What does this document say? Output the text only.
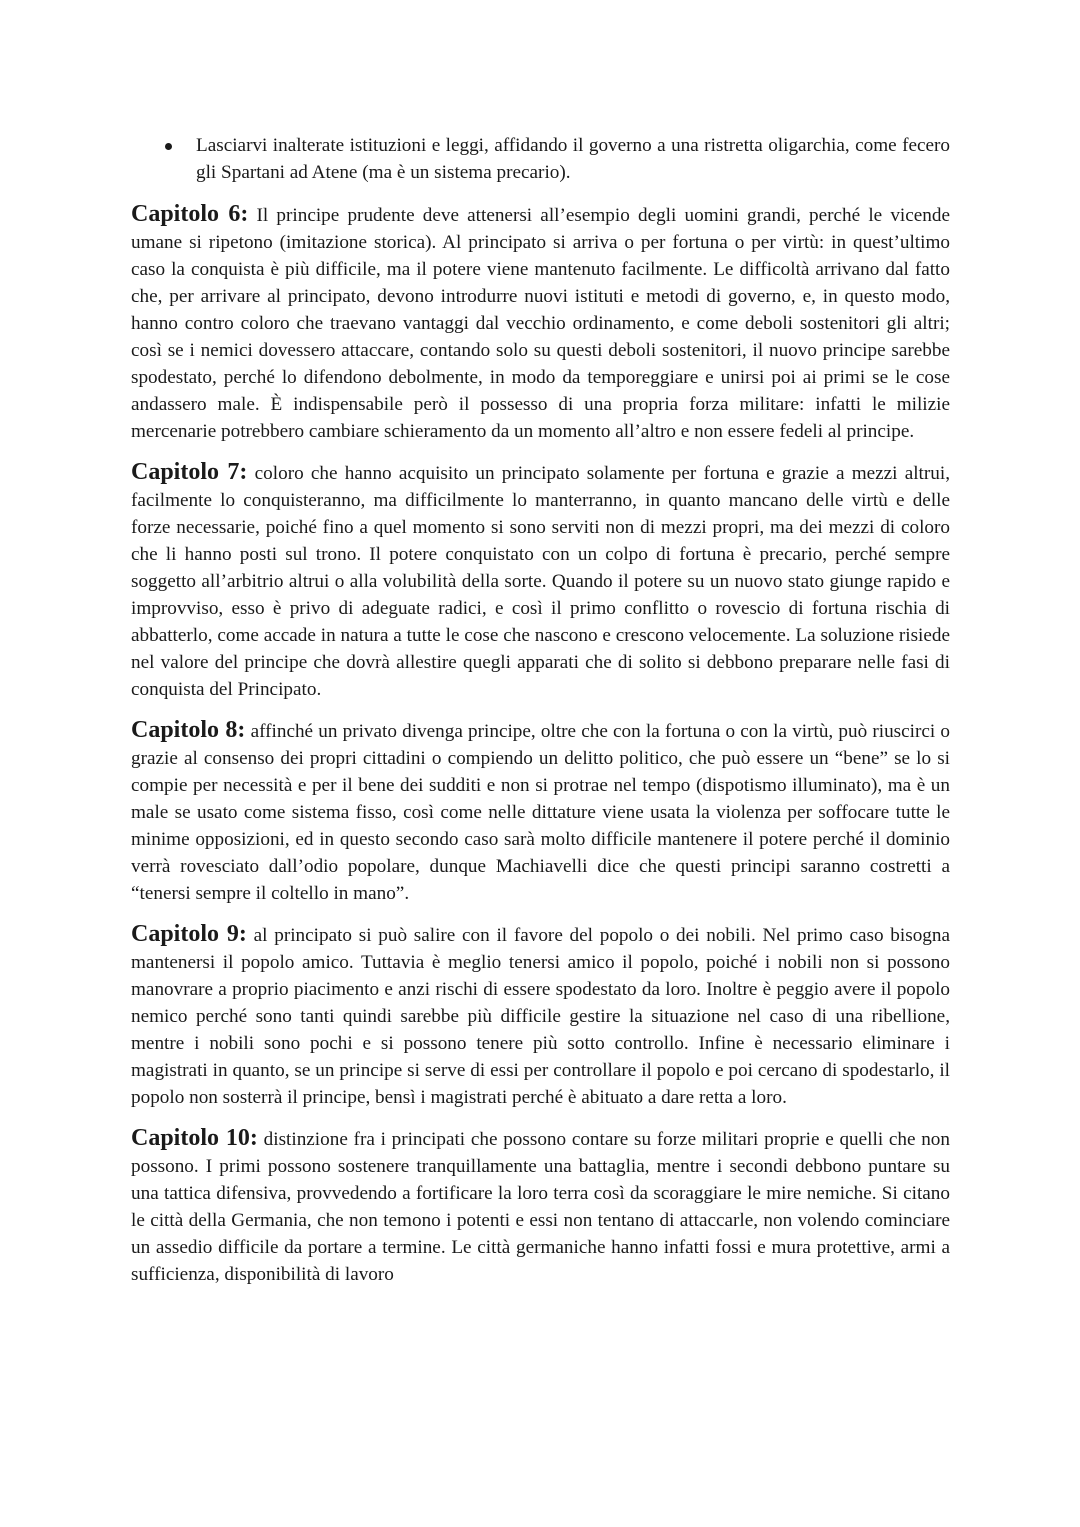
Lasciarvi inalterate istituzioni e leggi, affidando il governo a una ristretta oligarchia, come fecero gli Spartani ad Atene (ma è un sistema precario).

Capitolo 6: Il principe prudente deve attenersi all’esempio degli uomini grandi, perché le vicende umane si ripetono (imitazione storica). Al principato si arriva o per fortuna o per virtù: in quest’ultimo caso la conquista è più difficile, ma il potere viene mantenuto facilmente. Le difficoltà arrivano dal fatto che, per arrivare al principato, devono introdurre nuovi istituti e metodi di governo, e, in questo modo, hanno contro coloro che traevano vantaggi dal vecchio ordinamento, e come deboli sostenitori gli altri; così se i nemici dovessero attaccare, contando solo su questi deboli sostenitori, il nuovo principe sarebbe spodestato, perché lo difendono debolmente, in modo da temporeggiare e unirsi poi ai primi se le cose andassero male. È indispensabile però il possesso di una propria forza militare: infatti le milizie mercenarie potrebbero cambiare schieramento da un momento all’altro e non essere fedeli al principe.

Capitolo 7: coloro che hanno acquisito un principato solamente per fortuna e grazie a mezzi altrui, facilmente lo conquisteranno, ma difficilmente lo manterranno, in quanto mancano delle virtù e delle forze necessarie, poiché fino a quel momento si sono serviti non di mezzi propri, ma dei mezzi di coloro che li hanno posti sul trono. Il potere conquistato con un colpo di fortuna è precario, perché sempre soggetto all’arbitrio altrui o alla volubilità della sorte. Quando il potere su un nuovo stato giunge rapido e improvviso, esso è privo di adeguate radici, e così il primo conflitto o rovescio di fortuna rischia di abbatterlo, come accade in natura a tutte le cose che nascono e crescono velocemente. La soluzione risiede nel valore del principe che dovrà allestire quegli apparati che di solito si debbono preparare nelle fasi di conquista del Principato.

Capitolo 8: affinché un privato divenga principe, oltre che con la fortuna o con la virtù, può riuscirci o grazie al consenso dei propri cittadini o compiendo un delitto politico, che può essere un “bene” se lo si compie per necessità e per il bene dei sudditi e non si protrae nel tempo (dispotismo illuminato), ma è un male se usato come sistema fisso, così come nelle dittature viene usata la violenza per soffocare tutte le minime opposizioni, ed in questo secondo caso sarà molto difficile mantenere il potere perché il dominio verrà rovesciato dall’odio popolare, dunque Machiavelli dice che questi principi saranno costretti a “tenersi sempre il coltello in mano”.

Capitolo 9: al principato si può salire con il favore del popolo o dei nobili. Nel primo caso bisogna mantenersi il popolo amico. Tuttavia è meglio tenersi amico il popolo, poiché i nobili non si possono manovrare a proprio piacimento e anzi rischi di essere spodestato da loro. Inoltre è peggio avere il popolo nemico perché sono tanti quindi sarebbe più difficile gestire la situazione nel caso di una ribellione, mentre i nobili sono pochi e si possono tenere più sotto controllo. Infine è necessario eliminare i magistrati in quanto, se un principe si serve di essi per controllare il popolo e poi cercano di spodestarlo, il popolo non sosterrà il principe, bensì i magistrati perché è abituato a dare retta a loro.

Capitolo 10: distinzione fra i principati che possono contare su forze militari proprie e quelli che non possono. I primi possono sostenere tranquillamente una battaglia, mentre i secondi debbono puntare su una tattica difensiva, provvedendo a fortificare la loro terra così da scoraggiare le mire nemiche. Si citano le città della Germania, che non temono i potenti e essi non tentano di attaccarle, non volendo cominciare un assedio difficile da portare a termine. Le città germaniche hanno infatti fossi e mura protettive, armi a sufficienza, disponibilità di lavoro
